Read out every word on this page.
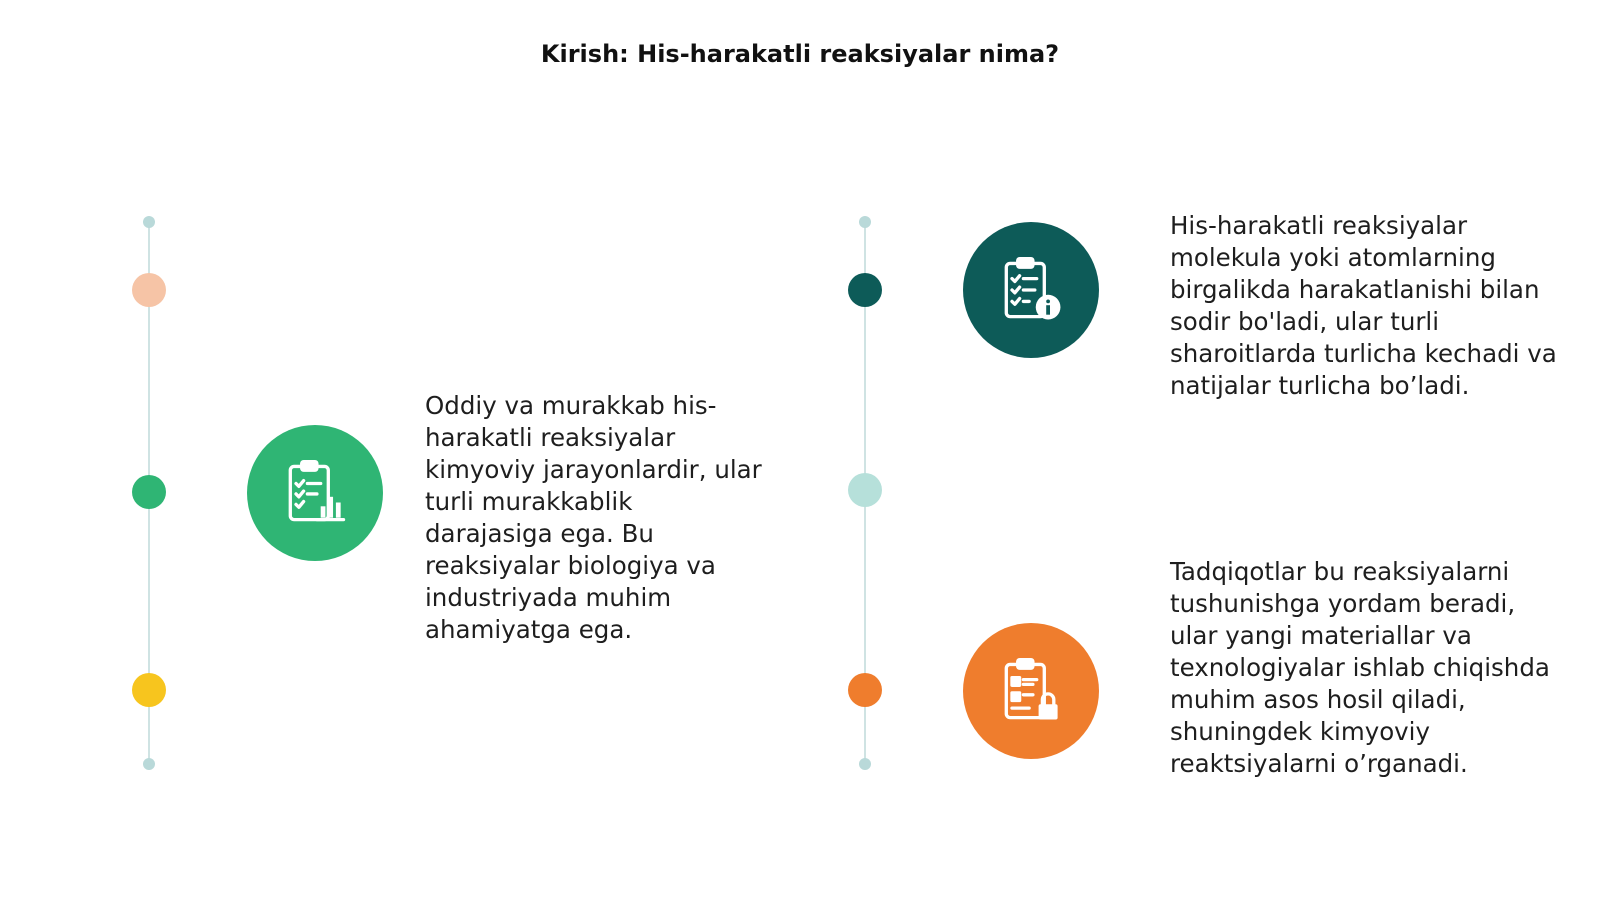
Kirish: His-harakatli reaksiyalar nima?
Oddiy va murakkab his-harakatli reaksiyalar kimyoviy jarayonlardir, ular turli murakkablik darajasiga ega. Bu reaksiyalar biologiya va industriyada muhim ahamiyatga ega.
His-harakatli reaksiyalar molekula yoki atomlarning birgalikda harakatlanishi bilan sodir bo'ladi, ular turli sharoitlarda turlicha kechadi va natijalar turlicha bo’ladi.
Tadqiqotlar bu reaksiyalarni tushunishga yordam beradi, ular yangi materiallar va texnologiyalar ishlab chiqishda muhim asos hosil qiladi, shuningdek kimyoviy reaktsiyalarni o’rganadi.
